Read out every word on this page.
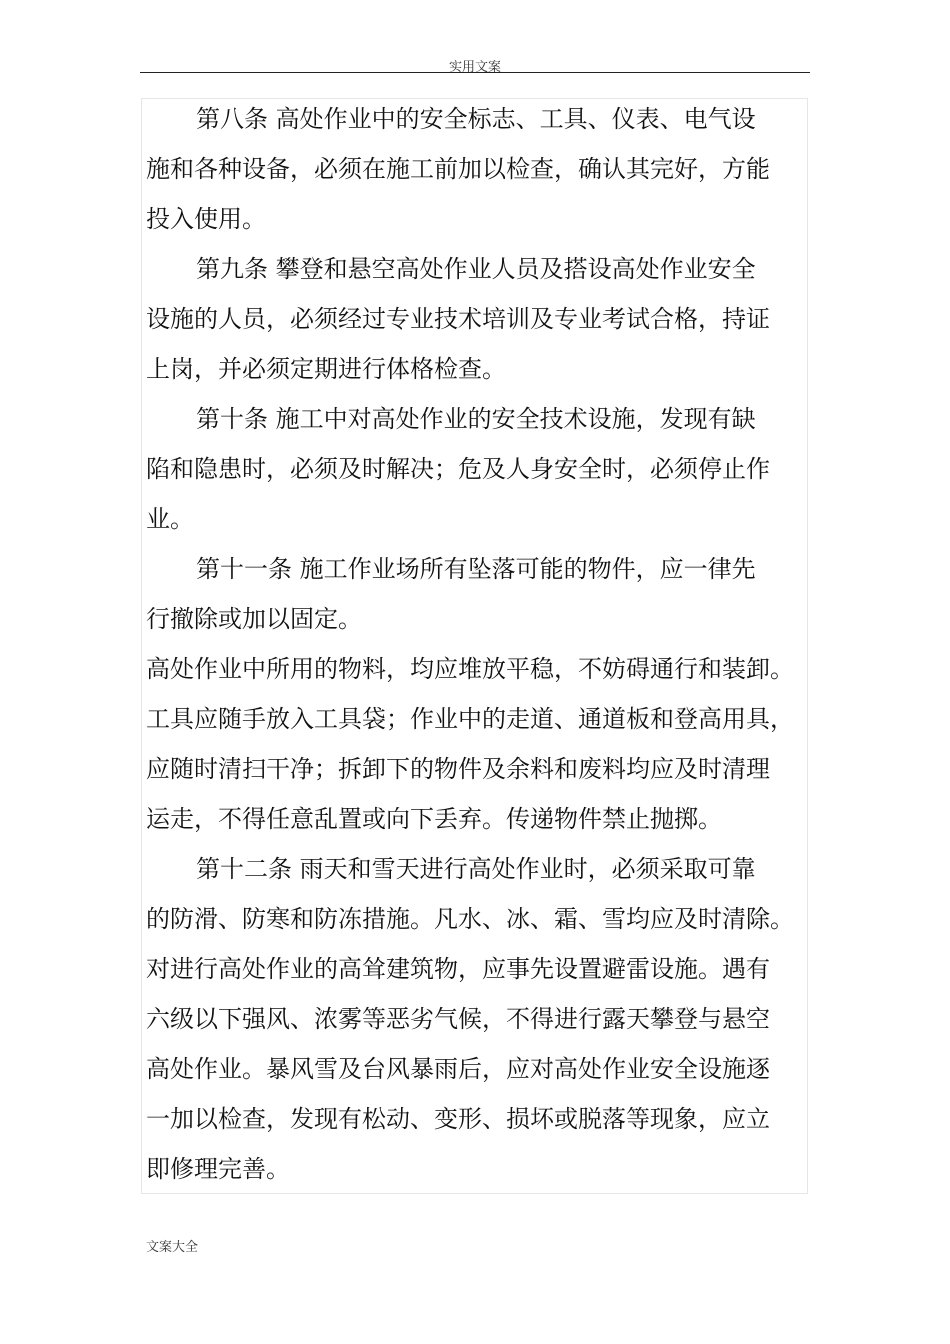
实用文案
第八条 高处作业中的安全标志、工具、仪表、电气设
施和各种设备，必须在施工前加以检查，确认其完好，方能
投入使用。
第九条 攀登和悬空高处作业人员及搭设高处作业安全
设施的人员，必须经过专业技术培训及专业考试合格，持证
上岗，并必须定期进行体格检查。
第十条 施工中对高处作业的安全技术设施，发现有缺
陷和隐患时，必须及时解决；危及人身安全时，必须停止作
业。
第十一条 施工作业场所有坠落可能的物件，应一律先
行撤除或加以固定。
高处作业中所用的物料，均应堆放平稳，不妨碍通行和装卸。
工具应随手放入工具袋；作业中的走道、通道板和登高用具，
应随时清扫干净；拆卸下的物件及余料和废料均应及时清理
运走，不得任意乱置或向下丢弃。传递物件禁止抛掷。
第十二条 雨天和雪天进行高处作业时，必须采取可靠
的防滑、防寒和防冻措施。凡水、冰、霜、雪均应及时清除。
对进行高处作业的高耸建筑物，应事先设置避雷设施。遇有
六级以下强风、浓雾等恶劣气候，不得进行露天攀登与悬空
高处作业。暴风雪及台风暴雨后，应对高处作业安全设施逐
一加以检查，发现有松动、变形、损坏或脱落等现象，应立
即修理完善。
文案大全
